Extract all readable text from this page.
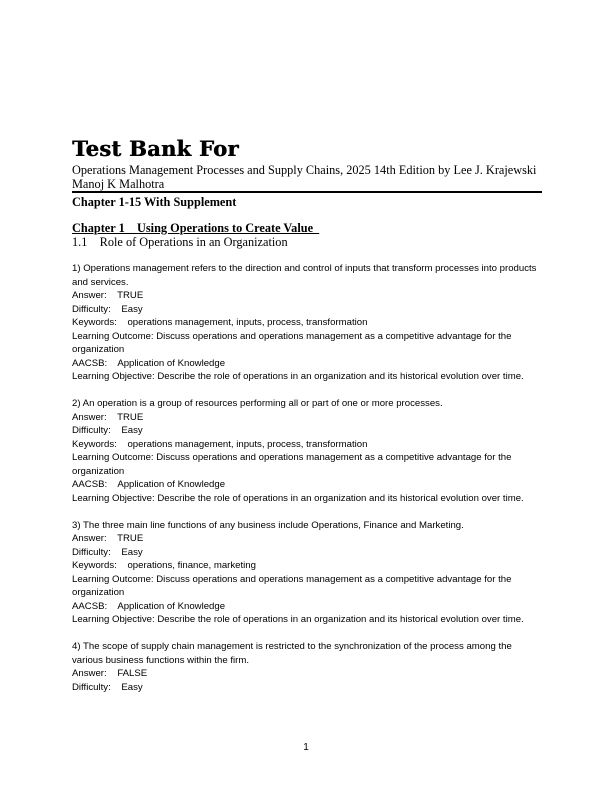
Test Bank For
Operations Management Processes and Supply Chains, 2025 14th Edition by Lee J. Krajewski Manoj K Malhotra
Chapter 1-15 With Supplement
Chapter 1    Using Operations to Create Value
1.1    Role of Operations in an Organization
1) Operations management refers to the direction and control of inputs that transform processes into products and services.
Answer:    TRUE
Difficulty:    Easy
Keywords:    operations management, inputs, process, transformation
Learning Outcome: Discuss operations and operations management as a competitive advantage for the organization
AACSB:    Application of Knowledge
Learning Objective: Describe the role of operations in an organization and its historical evolution over time.
2) An operation is a group of resources performing all or part of one or more processes.
Answer:    TRUE
Difficulty:    Easy
Keywords:    operations management, inputs, process, transformation
Learning Outcome: Discuss operations and operations management as a competitive advantage for the organization
AACSB:    Application of Knowledge
Learning Objective: Describe the role of operations in an organization and its historical evolution over time.
3) The three main line functions of any business include Operations, Finance and Marketing.
Answer:    TRUE
Difficulty:    Easy
Keywords:    operations, finance, marketing
Learning Outcome: Discuss operations and operations management as a competitive advantage for the organization
AACSB:    Application of Knowledge
Learning Objective: Describe the role of operations in an organization and its historical evolution over time.
4) The scope of supply chain management is restricted to the synchronization of the process among the various business functions within the firm.
Answer:    FALSE
Difficulty:    Easy
1
